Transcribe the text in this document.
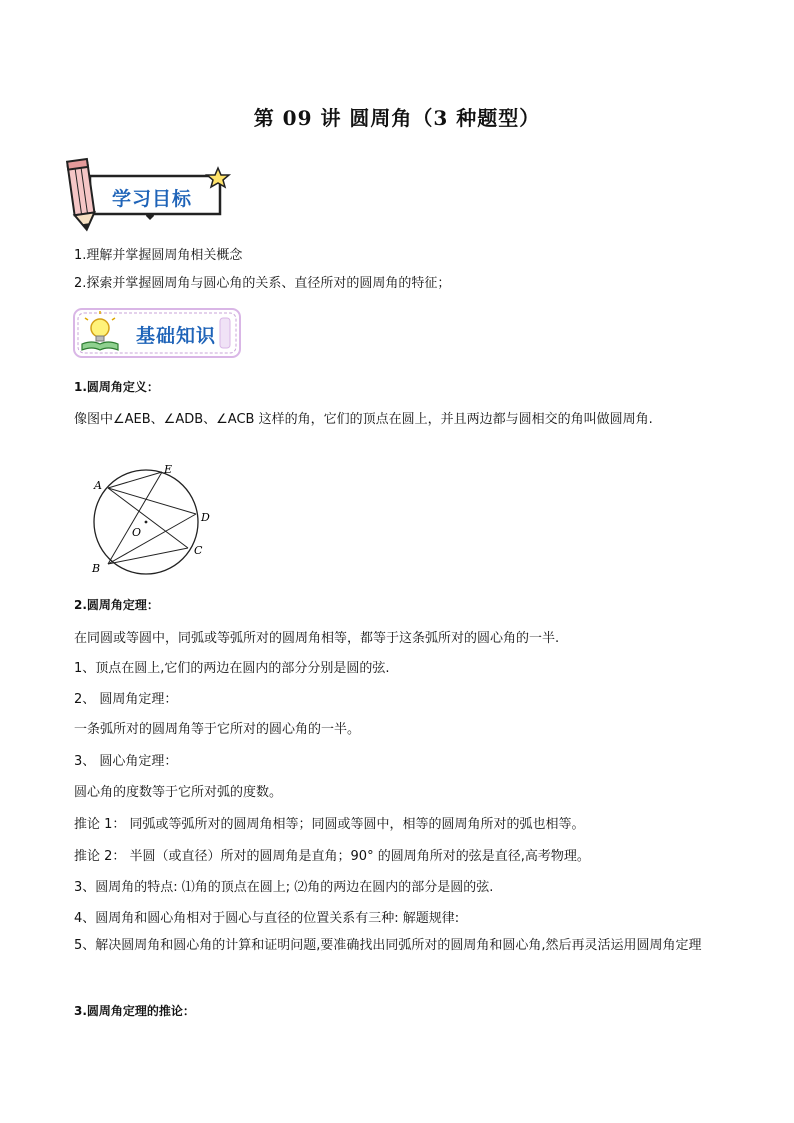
第 09 讲 圆周角（3 种题型）
学习目标
1.理解并掌握圆周角相关概念
2.探索并掌握圆周角与圆心角的关系、直径所对的圆周角的特征；
基础知识
1.圆周角定义：
像图中∠AEB、∠ADB、∠ACB 这样的角，它们的顶点在圆上，并且两边都与圆相交的角叫做圆周角.
A
E
D
C
B
O
2.圆周角定理：
在同圆或等圆中，同弧或等弧所对的圆周角相等，都等于这条弧所对的圆心角的一半.
1、顶点在圆上,它们的两边在圆内的部分分别是圆的弦.
2、 圆周角定理：
一条弧所对的圆周角等于它所对的圆心角的一半。
3、 圆心角定理：
圆心角的度数等于它所对弧的度数。
推论 1： 同弧或等弧所对的圆周角相等；同圆或等圆中，相等的圆周角所对的弧也相等。
推论 2： 半圆（或直径）所对的圆周角是直角；90° 的圆周角所对的弦是直径,高考物理。
3、圆周角的特点: ⑴角的顶点在圆上; ⑵角的两边在圆内的部分是圆的弦.
4、圆周角和圆心角相对于圆心与直径的位置关系有三种: 解题规律:
5、解决圆周角和圆心角的计算和证明问题,要准确找出同弧所对的圆周角和圆心角,然后再灵活运用圆周角定理
3.圆周角定理的推论：
